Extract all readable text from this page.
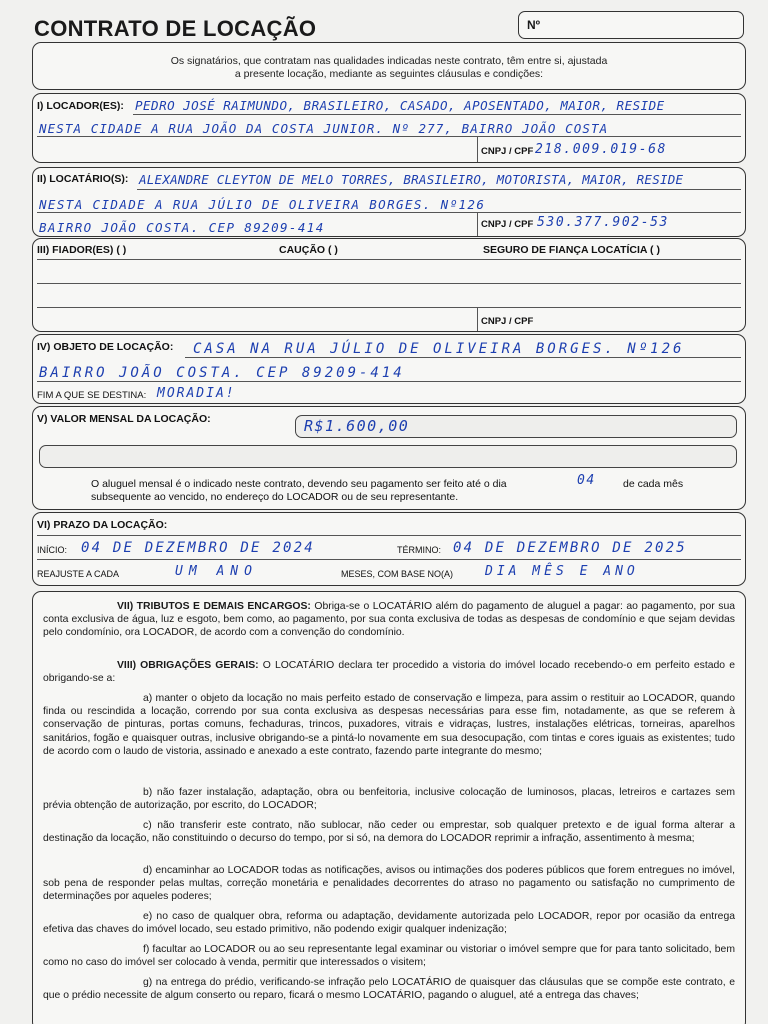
CONTRATO DE LOCAÇÃO	Nº

Os signatários, que contratam nas qualidades indicadas neste contrato, têm entre si, ajustada

a presente locação, mediante as seguintes cláusulas e condições:

I) LOCADOR(ES): PEDRO JOSÉ RAIMUNDO, BRASILEIRO, CASADO, APOSENTADO, MAIOR, RESIDE
NESTA CIDADE A RUA JOÃO DA COSTA JUNIOR. Nº 277, BAIRRO JOÃO COSTA
CNPJ / CPF 218.009.019-68
II) LOCATÁRIO(S): ALEXANDRE CLEYTON DE MELO TORRES, BRASILEIRO, MOTORISTA, MAIOR, RESIDE
NESTA CIDADE A RUA JÚLIO DE OLIVEIRA BORGES. Nº126
CNPJ / CPF 530.377.902-53
BAIRRO JOÃO COSTA. CEP 89209-414
III) FIADOR(ES) ( )	CAUÇÃO ( )	SEGURO DE FIANÇA LOCATÍCIA ( )
CNPJ / CPF
IV) OBJETO DE LOCAÇÃO: CASA NA RUA JÚLIO DE OLIVEIRA BORGES. Nº126
BAIRRO JOÃO COSTA. CEP 89209-414
FIM A QUE SE DESTINA: MORADIA!
V) VALOR MENSAL DA LOCAÇÃO:	R$1.600,00
O aluguel mensal é o indicado neste contrato, devendo seu pagamento ser feito até o dia	04	de cada mês
subsequente ao vencido, no endereço do LOCADOR ou de seu representante.
VI) PRAZO DA LOCAÇÃO:
INÍCIO: 04 DE DEZEMBRO DE 2024	TÉRMINO: 04 DE DEZEMBRO DE 2025
REAJUSTE A CADA	UM ANO	MESES, COM BASE NO(A) DIA MÊS E ANO

VII) TRIBUTOS E DEMAIS ENCARGOS: Obriga-se o LOCATÁRIO além do pagamento de aluguel a pagar: ao pagamento, por sua conta exclusiva de água, luz e esgoto, bem como, ao pagamento, por sua conta exclusiva de todas as despesas de condomínio e que sejam devidas pelo condomínio, ora LOCADOR, de acordo com a convenção do condomínio.

VIII) OBRIGAÇÕES GERAIS: O LOCATÁRIO declara ter procedido a vistoria do imóvel locado recebendo-o em perfeito estado e obrigando-se a:

a) manter o objeto da locação no mais perfeito estado de conservação e limpeza, para assim o restituir ao LOCADOR, quando finda ou rescindida a locação, correndo por sua conta exclusiva as despesas necessárias para esse fim, notadamente, as que se referem à conservação de pinturas, portas comuns, fechaduras, trincos, puxadores, vitrais e vidraças, lustres, instalações elétricas, torneiras, aparelhos sanitários, fogão e quaisquer outras, inclusive obrigando-se a pintá-lo novamente em sua desocupação, com tintas e cores iguais as existentes; tudo de acordo com o laudo de vistoria, assinado e anexado a este contrato, fazendo parte integrante do mesmo;

b) não fazer instalação, adaptação, obra ou benfeitoria, inclusive colocação de luminosos, placas, letreiros e cartazes sem prévia obtenção de autorização, por escrito, do LOCADOR;

c) não transferir este contrato, não sublocar, não ceder ou emprestar, sob qualquer pretexto e de igual forma alterar a destinação da locação, não constituindo o decurso do tempo, por si só, na demora do LOCADOR reprimir a infração, assentimento à mesma;

d) encaminhar ao LOCADOR todas as notificações, avisos ou intimações dos poderes públicos que forem entregues no imóvel, sob pena de responder pelas multas, correção monetária e penalidades decorrentes do atraso no pagamento ou satisfação no cumprimento de determinações por aqueles poderes;

e) no caso de qualquer obra, reforma ou adaptação, devidamente autorizada pelo LOCADOR, repor por ocasião da entrega efetiva das chaves do imóvel locado, seu estado primitivo, não podendo exigir qualquer indenização;

f) facultar ao LOCADOR ou ao seu representante legal examinar ou vistoriar o imóvel sempre que for para tanto solicitado, bem como no caso do imóvel ser colocado à venda, permitir que interessados o visitem;

g) na entrega do prédio, verificando-se infração pelo LOCATÁRIO de quaisquer das cláusulas que se compõe este contrato, e que o prédio necessite de algum conserto ou reparo, ficará o mesmo LOCATÁRIO, pagando o aluguel, até a entrega das chaves;
